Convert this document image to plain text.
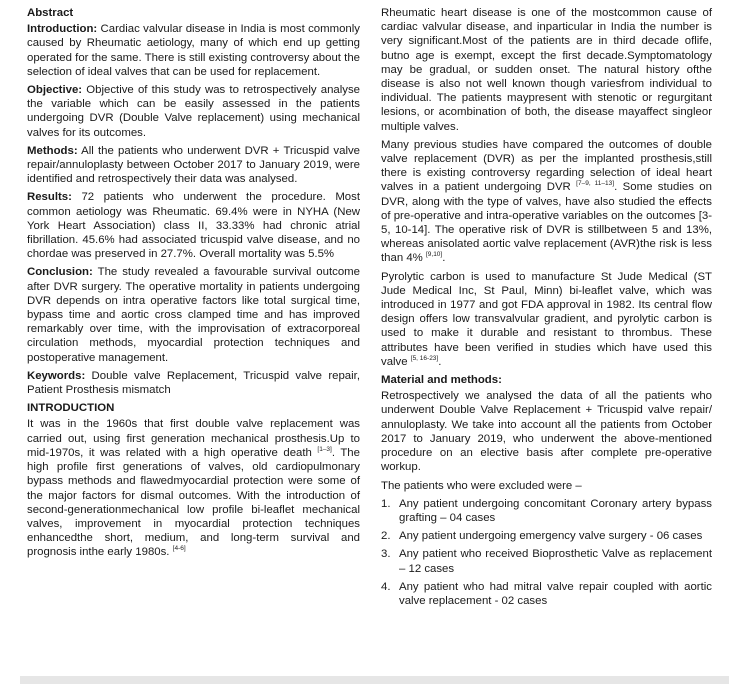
Abstract

Introduction: Cardiac valvular disease in India is most commonly caused by Rheumatic aetiology, many of which end up getting operated for the same. There is still existing controversy about the selection of ideal valves that can be used for replacement.

Objective: Objective of this study was to retrospectively analyse the variable which can be easily assessed in the patients undergoing DVR (Double Valve replacement) using mechanical valves for its outcomes.

Methods: All the patients who underwent DVR + Tricuspid valve repair/annuloplasty between October 2017 to January 2019, were identified and retrospectively their data was analysed.

Results: 72 patients who underwent the procedure. Most common aetiology was Rheumatic. 69.4% were in NYHA (New York Heart Association) class II, 33.33% had chronic atrial fibrillation. 45.6% had associated tricuspid valve disease, and no chordae was preserved in 27.7%. Overall mortality was 5.5%

Conclusion: The study revealed a favourable survival outcome after DVR surgery. The operative mortality in patients undergoing DVR depends on intra operative factors like total surgical time, bypass time and aortic cross clamped time and has improved remarkably over time, with the improvisation of extracorporeal circulation methods, myocardial protection techniques and postoperative management.

Keywords: Double valve Replacement, Tricuspid valve repair, Patient Prosthesis mismatch

INTRODUCTION

It was in the 1960s that first double valve replacement was carried out, using first generation mechanical prosthesis.Up to mid-1970s, it was related with a high operative death [1–3]. The high profile first generations of valves, old cardiopulmonary bypass methods and flawedmyocardial protection were some of the major factors for dismal outcomes. With the introduction of second-generationmechanical low profile bi-leaflet mechanical valves, improvement in myocardial protection techniques enhancedthe short, medium, and long-term survival and prognosis inthe early 1980s. [4-6]

Rheumatic heart disease is one of the mostcommon cause of cardiac valvular disease, and inparticular in India the number is very significant.Most of the patients are in third decade oflife, butno age is exempt, except the first decade.Symptomatology may be gradual, or sudden onset. The natural history ofthe disease is also not well known though variesfrom individual to individual. The patients maypresent with stenotic or regurgitant lesions, or acombination of both, the disease mayaffect singleor multiple valves.

Many previous studies have compared the outcomes of double valve replacement (DVR) as per the implanted prosthesis,still there is existing controversy regarding selection of ideal heart valves in a patient undergoing DVR [7–9, 11–13]. Some studies on DVR, along with the type of valves, have also studied the effects of pre-operative and intra-operative variables on the outcomes [3-5, 10-14]. The operative risk of DVR is stillbetween 5 and 13%, whereas anisolated aortic valve replacement (AVR)the risk is less than 4% [9,10].

Pyrolytic carbon is used to manufacture St Jude Medical (ST Jude Medical Inc, St Paul, Minn) bi-leaflet valve, which was introduced in 1977 and got FDA approval in 1982. Its central flow design offers low transvalvular gradient, and pyrolytic carbon is used to make it durable and resistant to thrombus. These attributes have been verified in studies which have used this valve [5, 16-23].

Material and methods:

Retrospectively we analysed the data of all the patients who underwent Double Valve Replacement + Tricuspid valve repair/ annuloplasty. We take into account all the patients from October 2017 to January 2019, who underwent the above-mentioned procedure on an elective basis after complete pre-operative workup.

The patients who were excluded were –

1. Any patient undergoing concomitant Coronary artery bypass grafting – 04 cases
2. Any patient undergoing emergency valve surgery - 06 cases
3. Any patient who received Bioprosthetic Valve as replacement – 12 cases
4. Any patient who had mitral valve repair coupled with aortic valve replacement - 02 cases
